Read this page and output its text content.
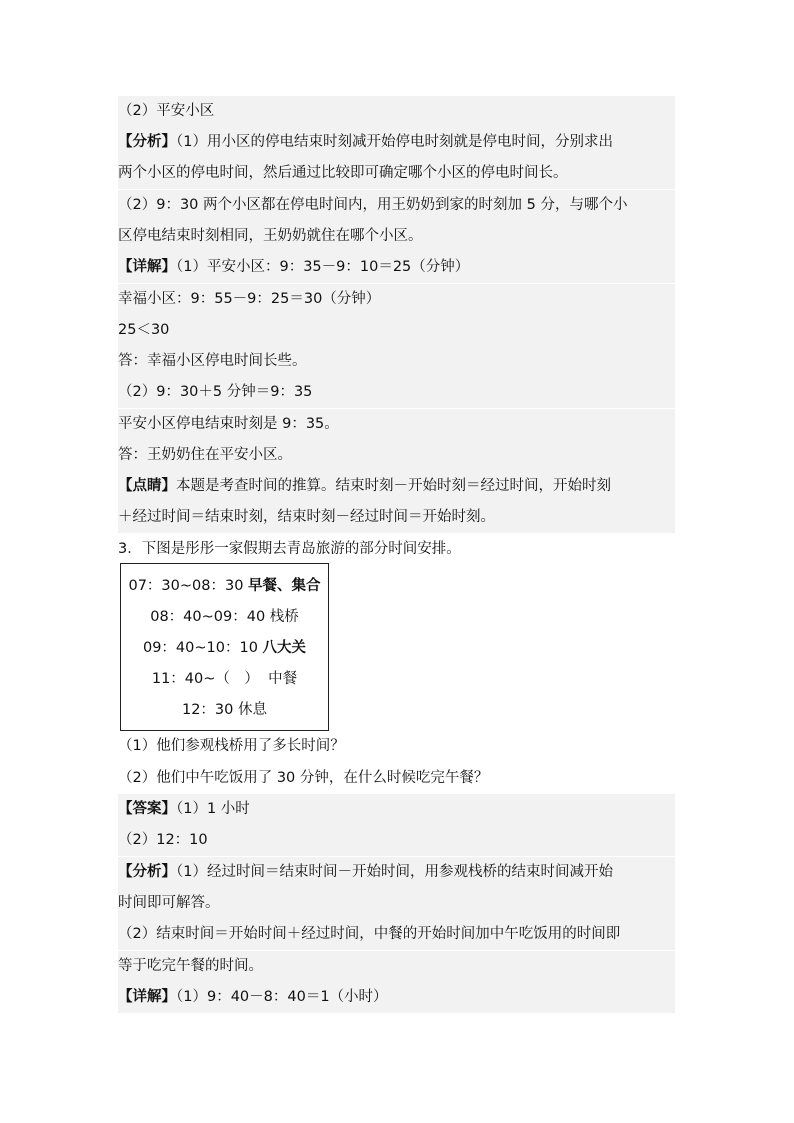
（2）平安小区
【分析】（1）用小区的停电结束时刻减开始停电时刻就是停电时间，分别求出
两个小区的停电时间，然后通过比较即可确定哪个小区的停电时间长。
（2）9：30 两个小区都在停电时间内，用王奶奶到家的时刻加 5 分，与哪个小
区停电结束时刻相同，王奶奶就住在哪个小区。
【详解】（1）平安小区：9：35－9：10＝25（分钟）
幸福小区：9：55－9：25＝30（分钟）
25＜30
答：幸福小区停电时间长些。
（2）9：30＋5 分钟＝9：35
平安小区停电结束时刻是 9：35。
答：王奶奶住在平安小区。
【点睛】本题是考查时间的推算。结束时刻－开始时刻＝经过时间，开始时刻
＋经过时间＝结束时刻，结束时刻－经过时间＝开始时刻。
3．下图是彤彤一家假期去青岛旅游的部分时间安排。
07：30~08：30 早餐、集合
08：40~09：40 栈桥
09：40~10：10 八大关
11：40~（　） 中餐
12：30 休息
（1）他们参观栈桥用了多长时间？
（2）他们中午吃饭用了 30 分钟，在什么时候吃完午餐？
【答案】（1）1 小时
（2）12：10
【分析】（1）经过时间＝结束时间－开始时间，用参观栈桥的结束时间减开始
时间即可解答。
（2）结束时间＝开始时间＋经过时间，中餐的开始时间加中午吃饭用的时间即
等于吃完午餐的时间。
【详解】（1）9：40－8：40＝1（小时）
